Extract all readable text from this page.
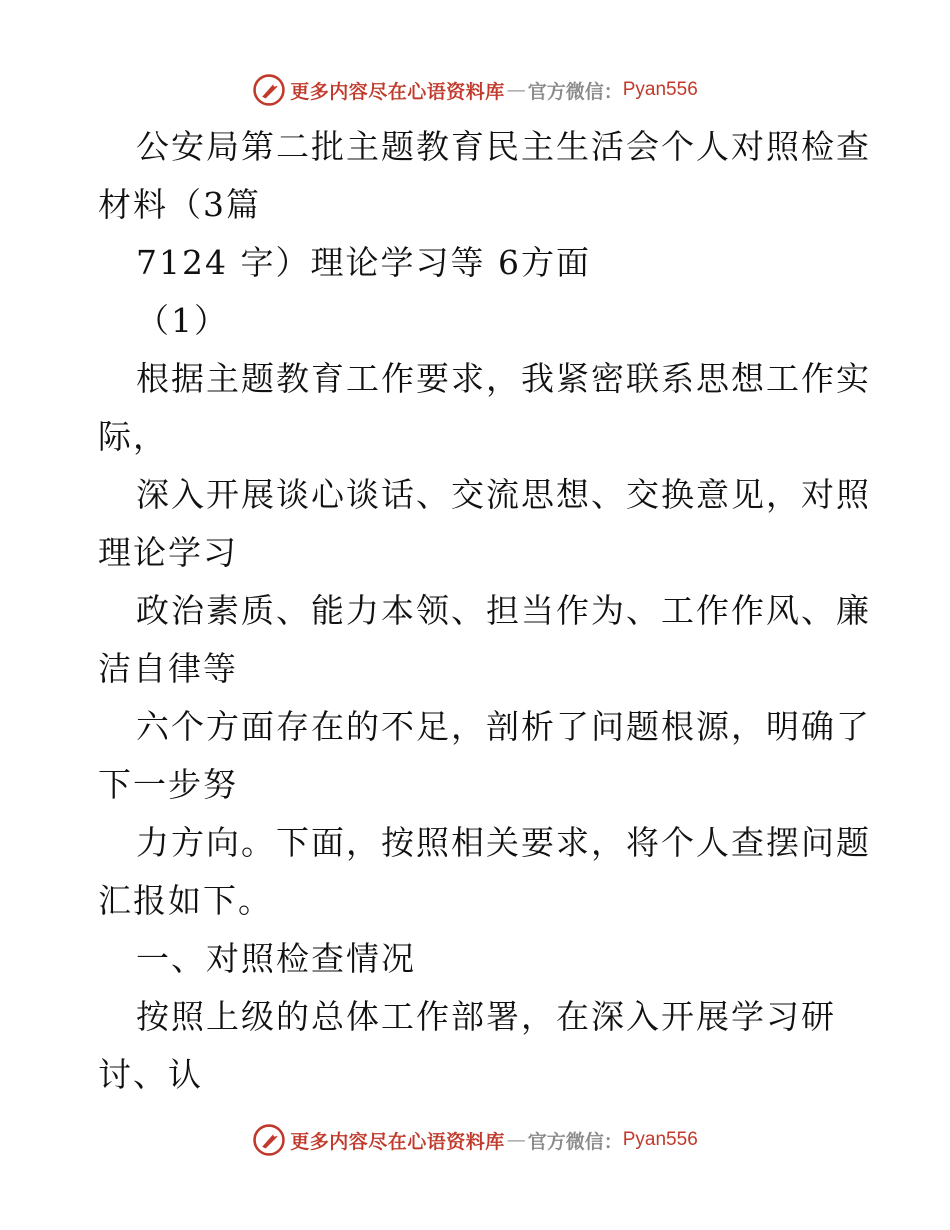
更多内容尽在心语资料库 — 官方微信： Pyan556
公安局第二批主题教育民主生活会个人对照检查
材料（3篇
7124 字）理论学习等 6方面
（1）
根据主题教育工作要求，我紧密联系思想工作实
际，
深入开展谈心谈话、交流思想、交换意见，对照
理论学习
政治素质、能力本领、担当作为、工作作风、廉
洁自律等
六个方面存在的不足，剖析了问题根源，明确了
下一步努
力方向。下面，按照相关要求，将个人查摆问题
汇报如下。
一、对照检查情况
按照上级的总体工作部署，在深入开展学习研
讨、认
更多内容尽在心语资料库 — 官方微信： Pyan556
